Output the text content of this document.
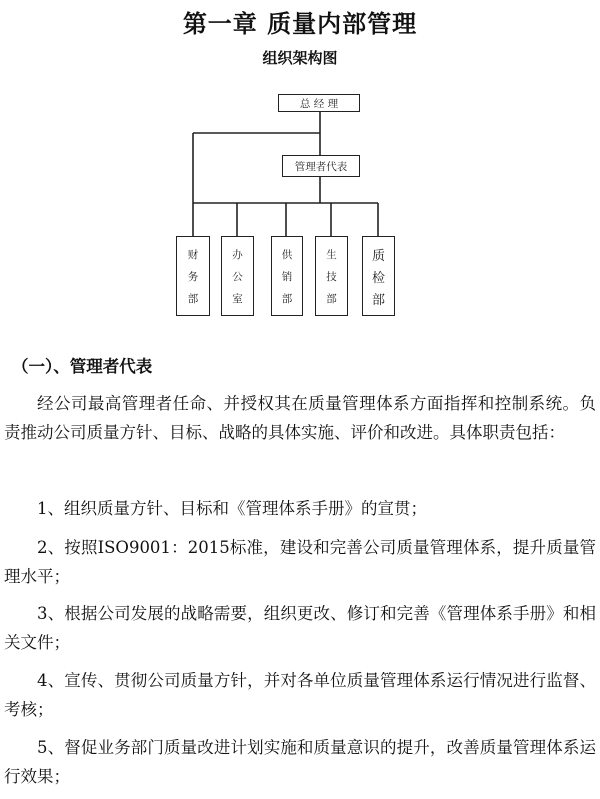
第一章 质量内部管理
组织架构图
总 经 理
管理者代表
财
务
部
办
公
室
供
销
部
生
技
部
质
检
部
（一）、管理者代表

经公司最高管理者任命、并授权其在质量管理体系方面指挥和控制系统。负责推动公司质量方针、目标、战略的具体实施、评价和改进。具体职责包括：

1、组织质量方针、目标和《管理体系手册》的宣贯；

2、按照ISO9001：2015标准，建设和完善公司质量管理体系，提升质量管理水平；

3、根据公司发展的战略需要，组织更改、修订和完善《管理体系手册》和相关文件；

4、宣传、贯彻公司质量方针，并对各单位质量管理体系运行情况进行监督、考核；

5、督促业务部门质量改进计划实施和质量意识的提升，改善质量管理体系运行效果；
